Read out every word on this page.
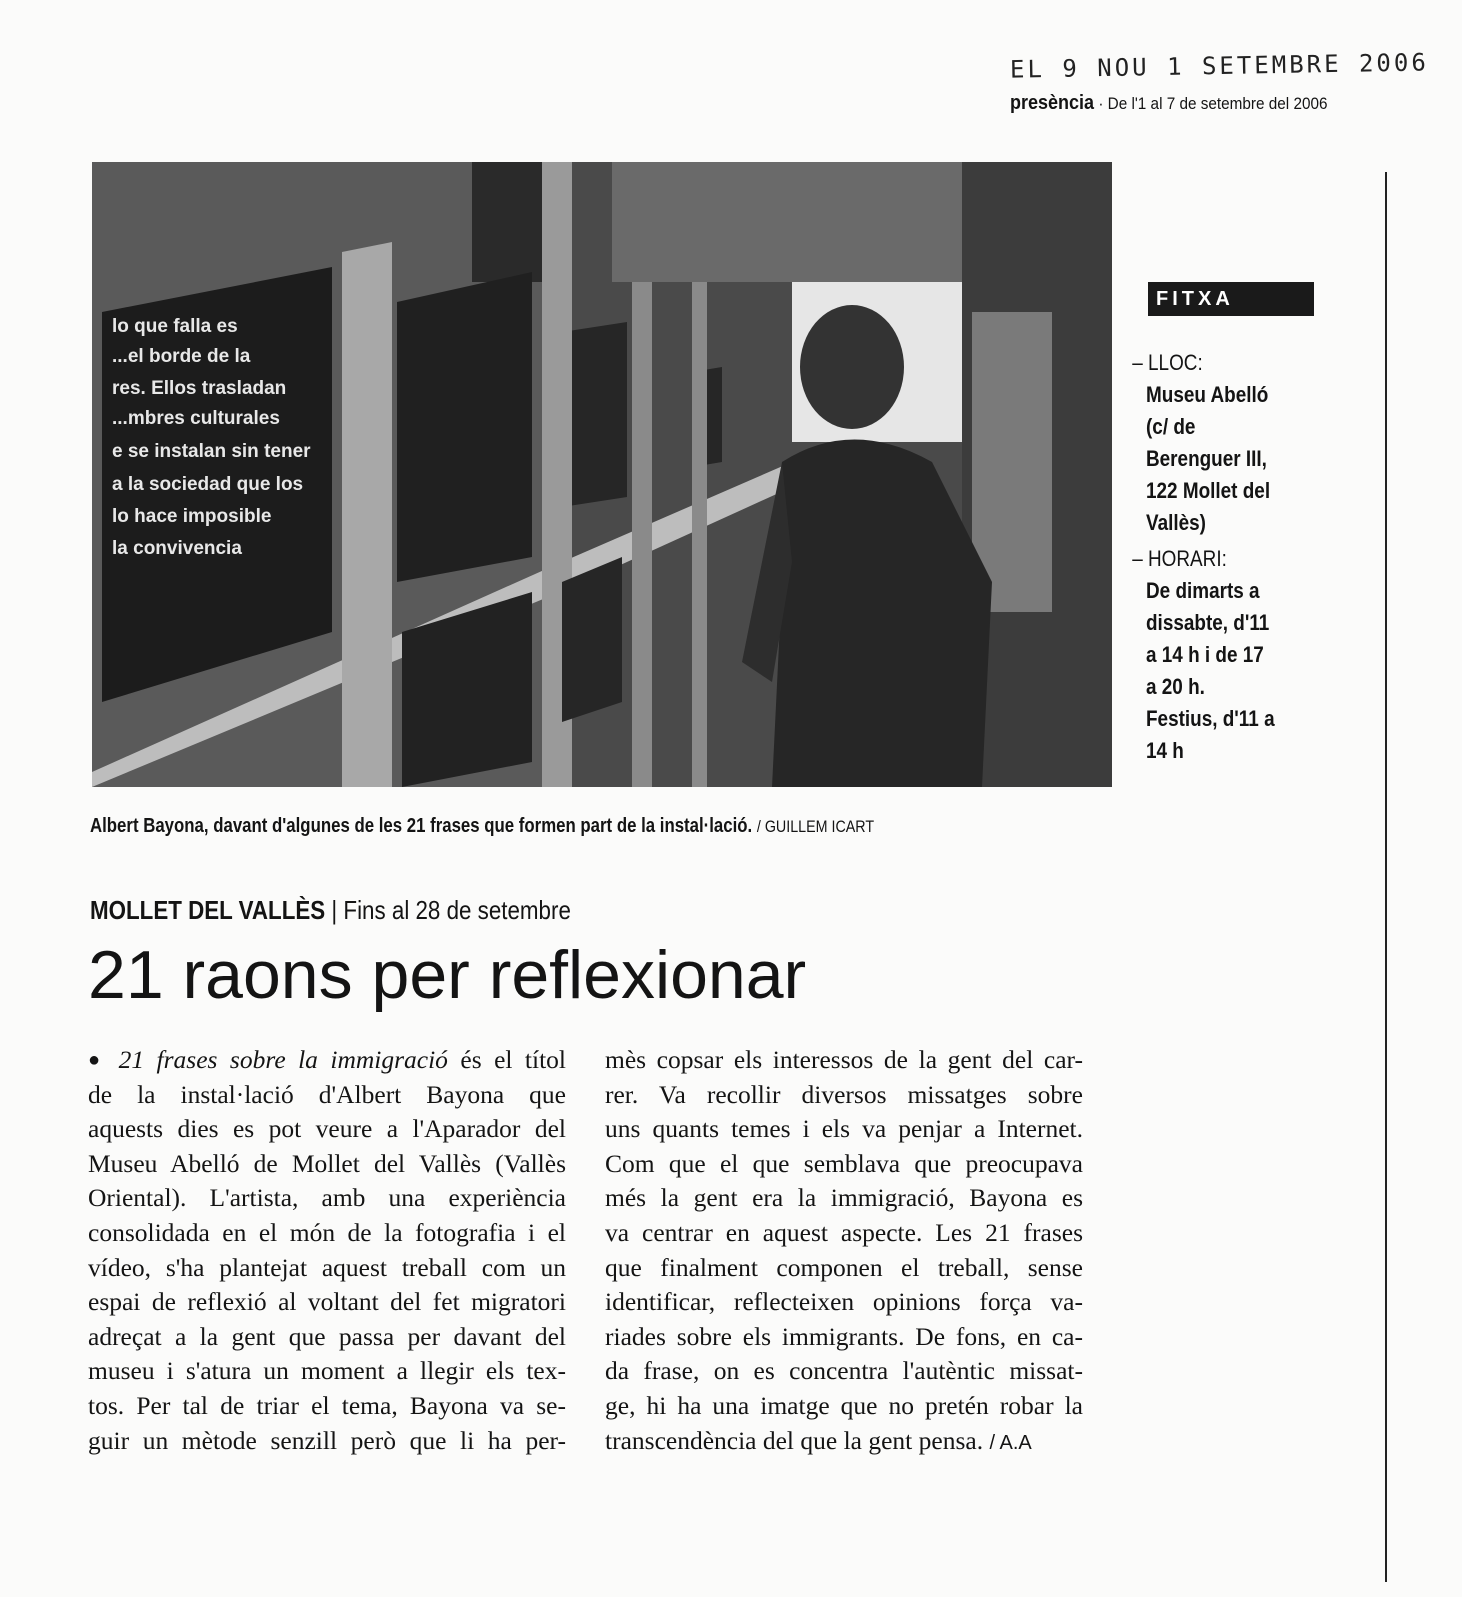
EL 9 NOU 1 SETEMBRE 2006
presència · De l'1 al 7 de setembre del 2006
lo que falla es
...el borde de la
res. Ellos trasladan
...mbres culturales
e se instalan sin tener
a la sociedad que los
lo hace imposible
la convivencia
Albert Bayona, davant d'algunes de les 21 frases que formen part de la instal·lació. / GUILLEM ICART
FITXA
– LLOC:
Museu Abelló
(c/ de
Berenguer III,
122 Mollet del
Vallès)
– HORARI:
De dimarts a
dissabte, d'11
a 14 h i de 17
a 20 h.
Festius, d'11 a
14 h
MOLLET DEL VALLÈS | Fins al 28 de setembre
21 raons per reflexionar
● 21 frases sobre la immigració és el títol
de la instal·lació d'Albert Bayona que
aquests dies es pot veure a l'Aparador del
Museu Abelló de Mollet del Vallès (Vallès
Oriental). L'artista, amb una experiència
consolidada en el món de la fotografia i el
vídeo, s'ha plantejat aquest treball com un
espai de reflexió al voltant del fet migratori
adreçat a la gent que passa per davant del
museu i s'atura un moment a llegir els tex-
tos. Per tal de triar el tema, Bayona va se-
guir un mètode senzill però que li ha per-
mès copsar els interessos de la gent del car-
rer. Va recollir diversos missatges sobre
uns quants temes i els va penjar a Internet.
Com que el que semblava que preocupava
més la gent era la immigració, Bayona es
va centrar en aquest aspecte. Les 21 frases
que finalment componen el treball, sense
identificar, reflecteixen opinions força va-
riades sobre els immigrants. De fons, en ca-
da frase, on es concentra l'autèntic missat-
ge, hi ha una imatge que no pretén robar la
transcendència del que la gent pensa. / A.A
